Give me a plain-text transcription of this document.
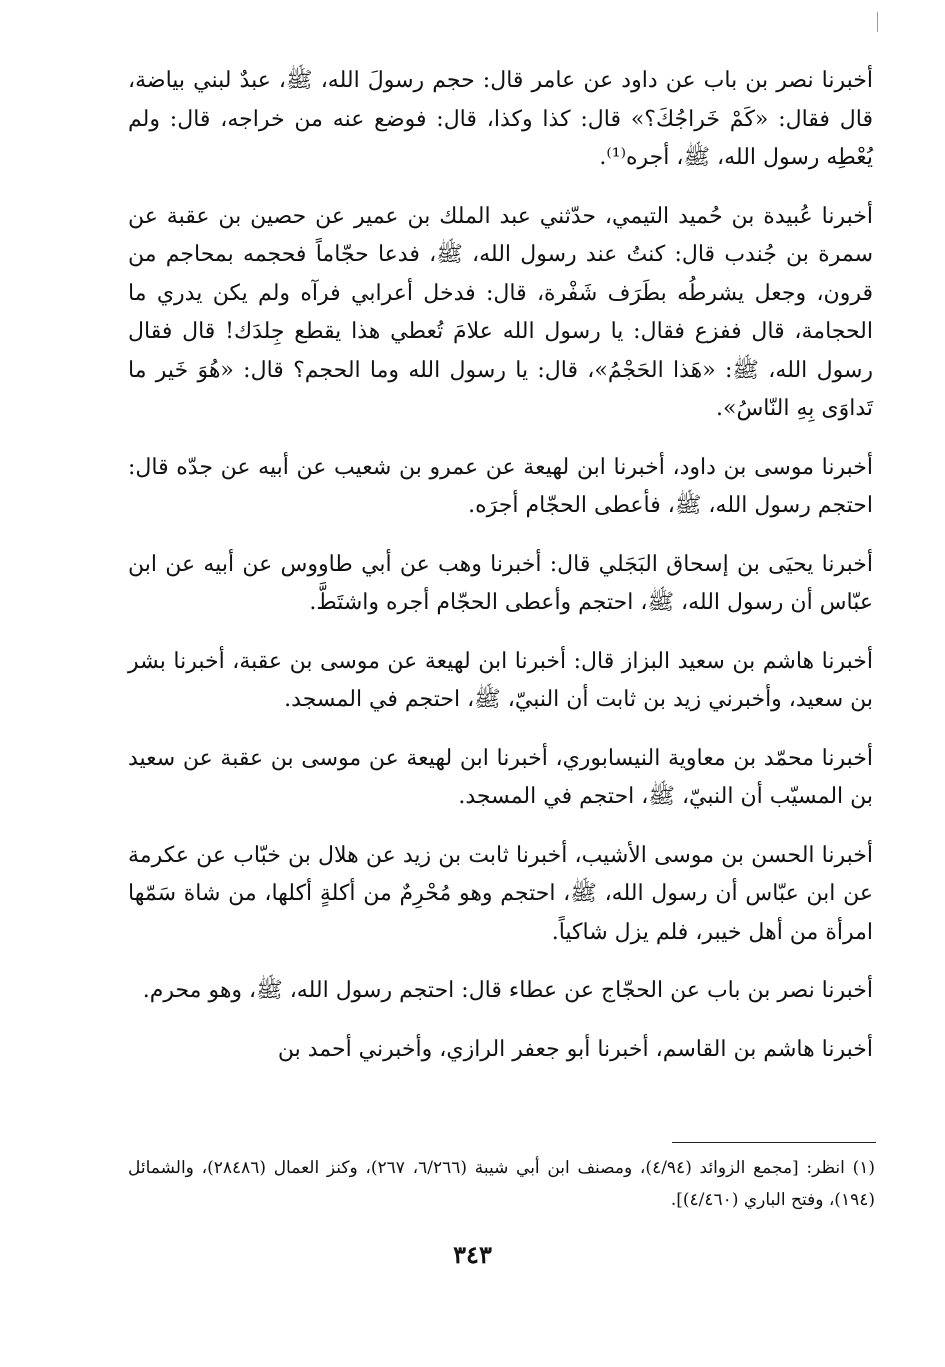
أخبرنا نصر بن باب عن داود عن عامر قال: حجم رسولَ الله، ﷺ، عبدٌ لبني بياضة، قال فقال: «كَمْ خَراجُكَ؟» قال: كذا وكذا، قال: فوضع عنه من خراجه، قال: ولم يُعْطِه رسول الله، ﷺ، أجره⁽¹⁾.

أخبرنا عُبيدة بن حُميد التيمي، حدّثني عبد الملك بن عمير عن حصين بن عقبة عن سمرة بن جُندب قال: كنتُ عند رسول الله، ﷺ، فدعا حجّاماً فحجمه بمحاجم من قرون، وجعل يشرطُه بطَرَف شَفْرة، قال: فدخل أعرابي فرآه ولم يكن يدري ما الحجامة، قال ففزع فقال: يا رسول الله علامَ تُعطي هذا يقطع جِلدَك! قال فقال رسول الله، ﷺ: «هَذا الحَجْمُ»، قال: يا رسول الله وما الحجم؟ قال: «هُوَ خَير ما تَداوَى بِهِ النّاسُ».

أخبرنا موسى بن داود، أخبرنا ابن لهيعة عن عمرو بن شعيب عن أبيه عن جدّه قال: احتجم رسول الله، ﷺ، فأعطى الحجّام أجرَه.

أخبرنا يحيَى بن إسحاق البَجَلي قال: أخبرنا وهب عن أبي طاووس عن أبيه عن ابن عبّاس أن رسول الله، ﷺ، احتجم وأعطى الحجّام أجره واشتَطَّ.

أخبرنا هاشم بن سعيد البزاز قال: أخبرنا ابن لهيعة عن موسى بن عقبة، أخبرنا بشر بن سعيد، وأخبرني زيد بن ثابت أن النبيّ، ﷺ، احتجم في المسجد.

أخبرنا محمّد بن معاوية النيسابوري، أخبرنا ابن لهيعة عن موسى بن عقبة عن سعيد بن المسيّب أن النبيّ، ﷺ، احتجم في المسجد.

أخبرنا الحسن بن موسى الأشيب، أخبرنا ثابت بن زيد عن هلال بن خبّاب عن عكرمة عن ابن عبّاس أن رسول الله، ﷺ، احتجم وهو مُحْرِمٌ من أكلةٍ أكلها، من شاة سَمّها امرأة من أهل خيبر، فلم يزل شاكياً.

أخبرنا نصر بن باب عن الحجّاج عن عطاء قال: احتجم رسول الله، ﷺ، وهو محرم.

أخبرنا هاشم بن القاسم، أخبرنا أبو جعفر الرازي، وأخبرني أحمد بن

(١) انظر: [مجمع الزوائد (٤/٩٤)، ومصنف ابن أبي شيبة (٦/٢٦٦، ٢٦٧)، وكنز العمال (٢٨٤٨٦)، والشمائل (١٩٤)، وفتح الباري (٤/٤٦٠)].
٣٤٣
